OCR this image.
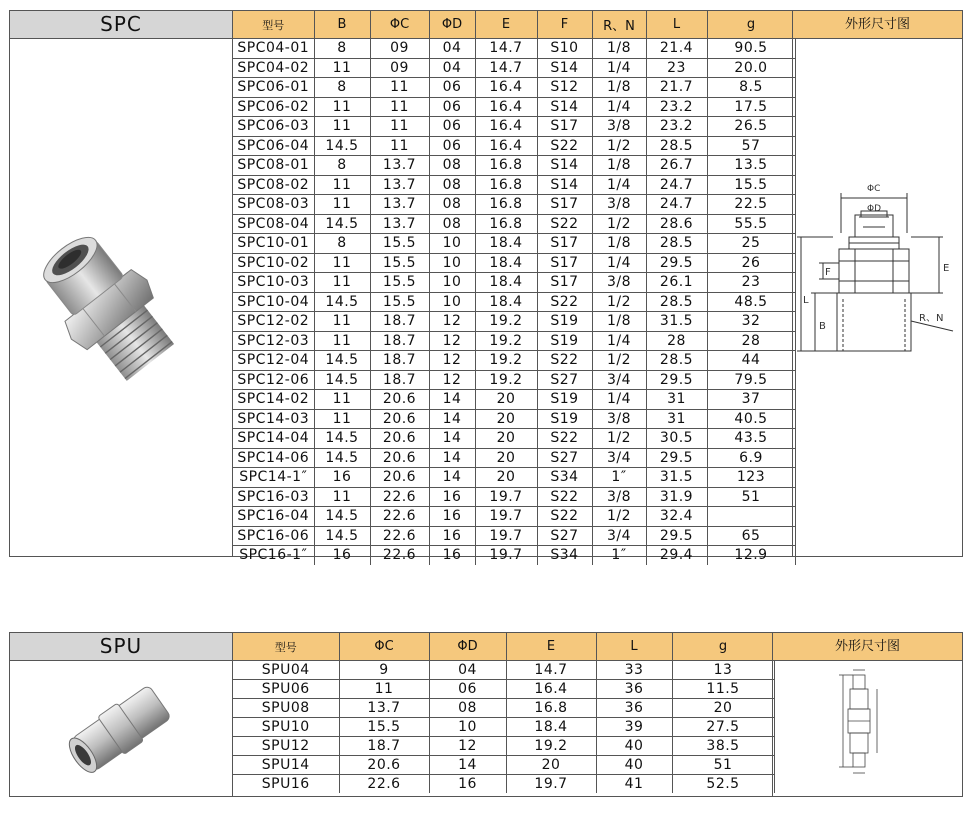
SPC	型号	B	ΦC	ΦD	E	F	R、N	L	g
SPC04-01	8	09	04	14.7	S10	1/8	21.4	90.5
SPC04-02	11	09	04	14.7	S14	1/4	23	20.0
SPC06-01	8	11	06	16.4	S12	1/8	21.7	8.5
SPC06-02	11	11	06	16.4	S14	1/4	23.2	17.5
SPC06-03	11	11	06	16.4	S17	3/8	23.2	26.5
SPC06-04	14.5	11	06	16.4	S22	1/2	28.5	57
SPC08-01	8	13.7	08	16.8	S14	1/8	26.7	13.5
SPC08-02	11	13.7	08	16.8	S14	1/4	24.7	15.5
SPC08-03	11	13.7	08	16.8	S17	3/8	24.7	22.5
SPC08-04	14.5	13.7	08	16.8	S22	1/2	28.6	55.5
SPC10-01	8	15.5	10	18.4	S17	1/8	28.5	25
SPC10-02	11	15.5	10	18.4	S17	1/4	29.5	26
SPC10-03	11	15.5	10	18.4	S17	3/8	26.1	23
SPC10-04	14.5	15.5	10	18.4	S22	1/2	28.5	48.5
SPC12-02	11	18.7	12	19.2	S19	1/8	31.5	32
SPC12-03	11	18.7	12	19.2	S19	1/4	28	28
SPC12-04	14.5	18.7	12	19.2	S22	1/2	28.5	44
SPC12-06	14.5	18.7	12	19.2	S27	3/4	29.5	79.5
SPC14-02	11	20.6	14	20	S19	1/4	31	37
SPC14-03	11	20.6	14	20	S19	3/8	31	40.5
SPC14-04	14.5	20.6	14	20	S22	1/2	30.5	43.5
SPC14-06	14.5	20.6	14	20	S27	3/4	29.5	6.9
SPC14-1″	16	20.6	14	20	S34	1″	31.5	123
SPC16-03	11	22.6	16	19.7	S22	3/8	31.9	51
SPC16-04	14.5	22.6	16	19.7	S22	1/2	32.4	
SPC16-06	14.5	22.6	16	19.7	S27	3/4	29.5	65
SPC16-1″	16	22.6	16	19.7	S34	1″	29.4	12.9
外形尺寸图
ΦC
ΦD
F	E
L
B
R、N
SPU	型号	ΦC	ΦD	E	L	g
SPU04	9	04	14.7	33	13
SPU06	11	06	16.4	36	11.5
SPU08	13.7	08	16.8	36	20
SPU10	15.5	10	18.4	39	27.5
SPU12	18.7	12	19.2	40	38.5
SPU14	20.6	14	20	40	51
SPU16	22.6	16	19.7	41	52.5
外形尺寸图
